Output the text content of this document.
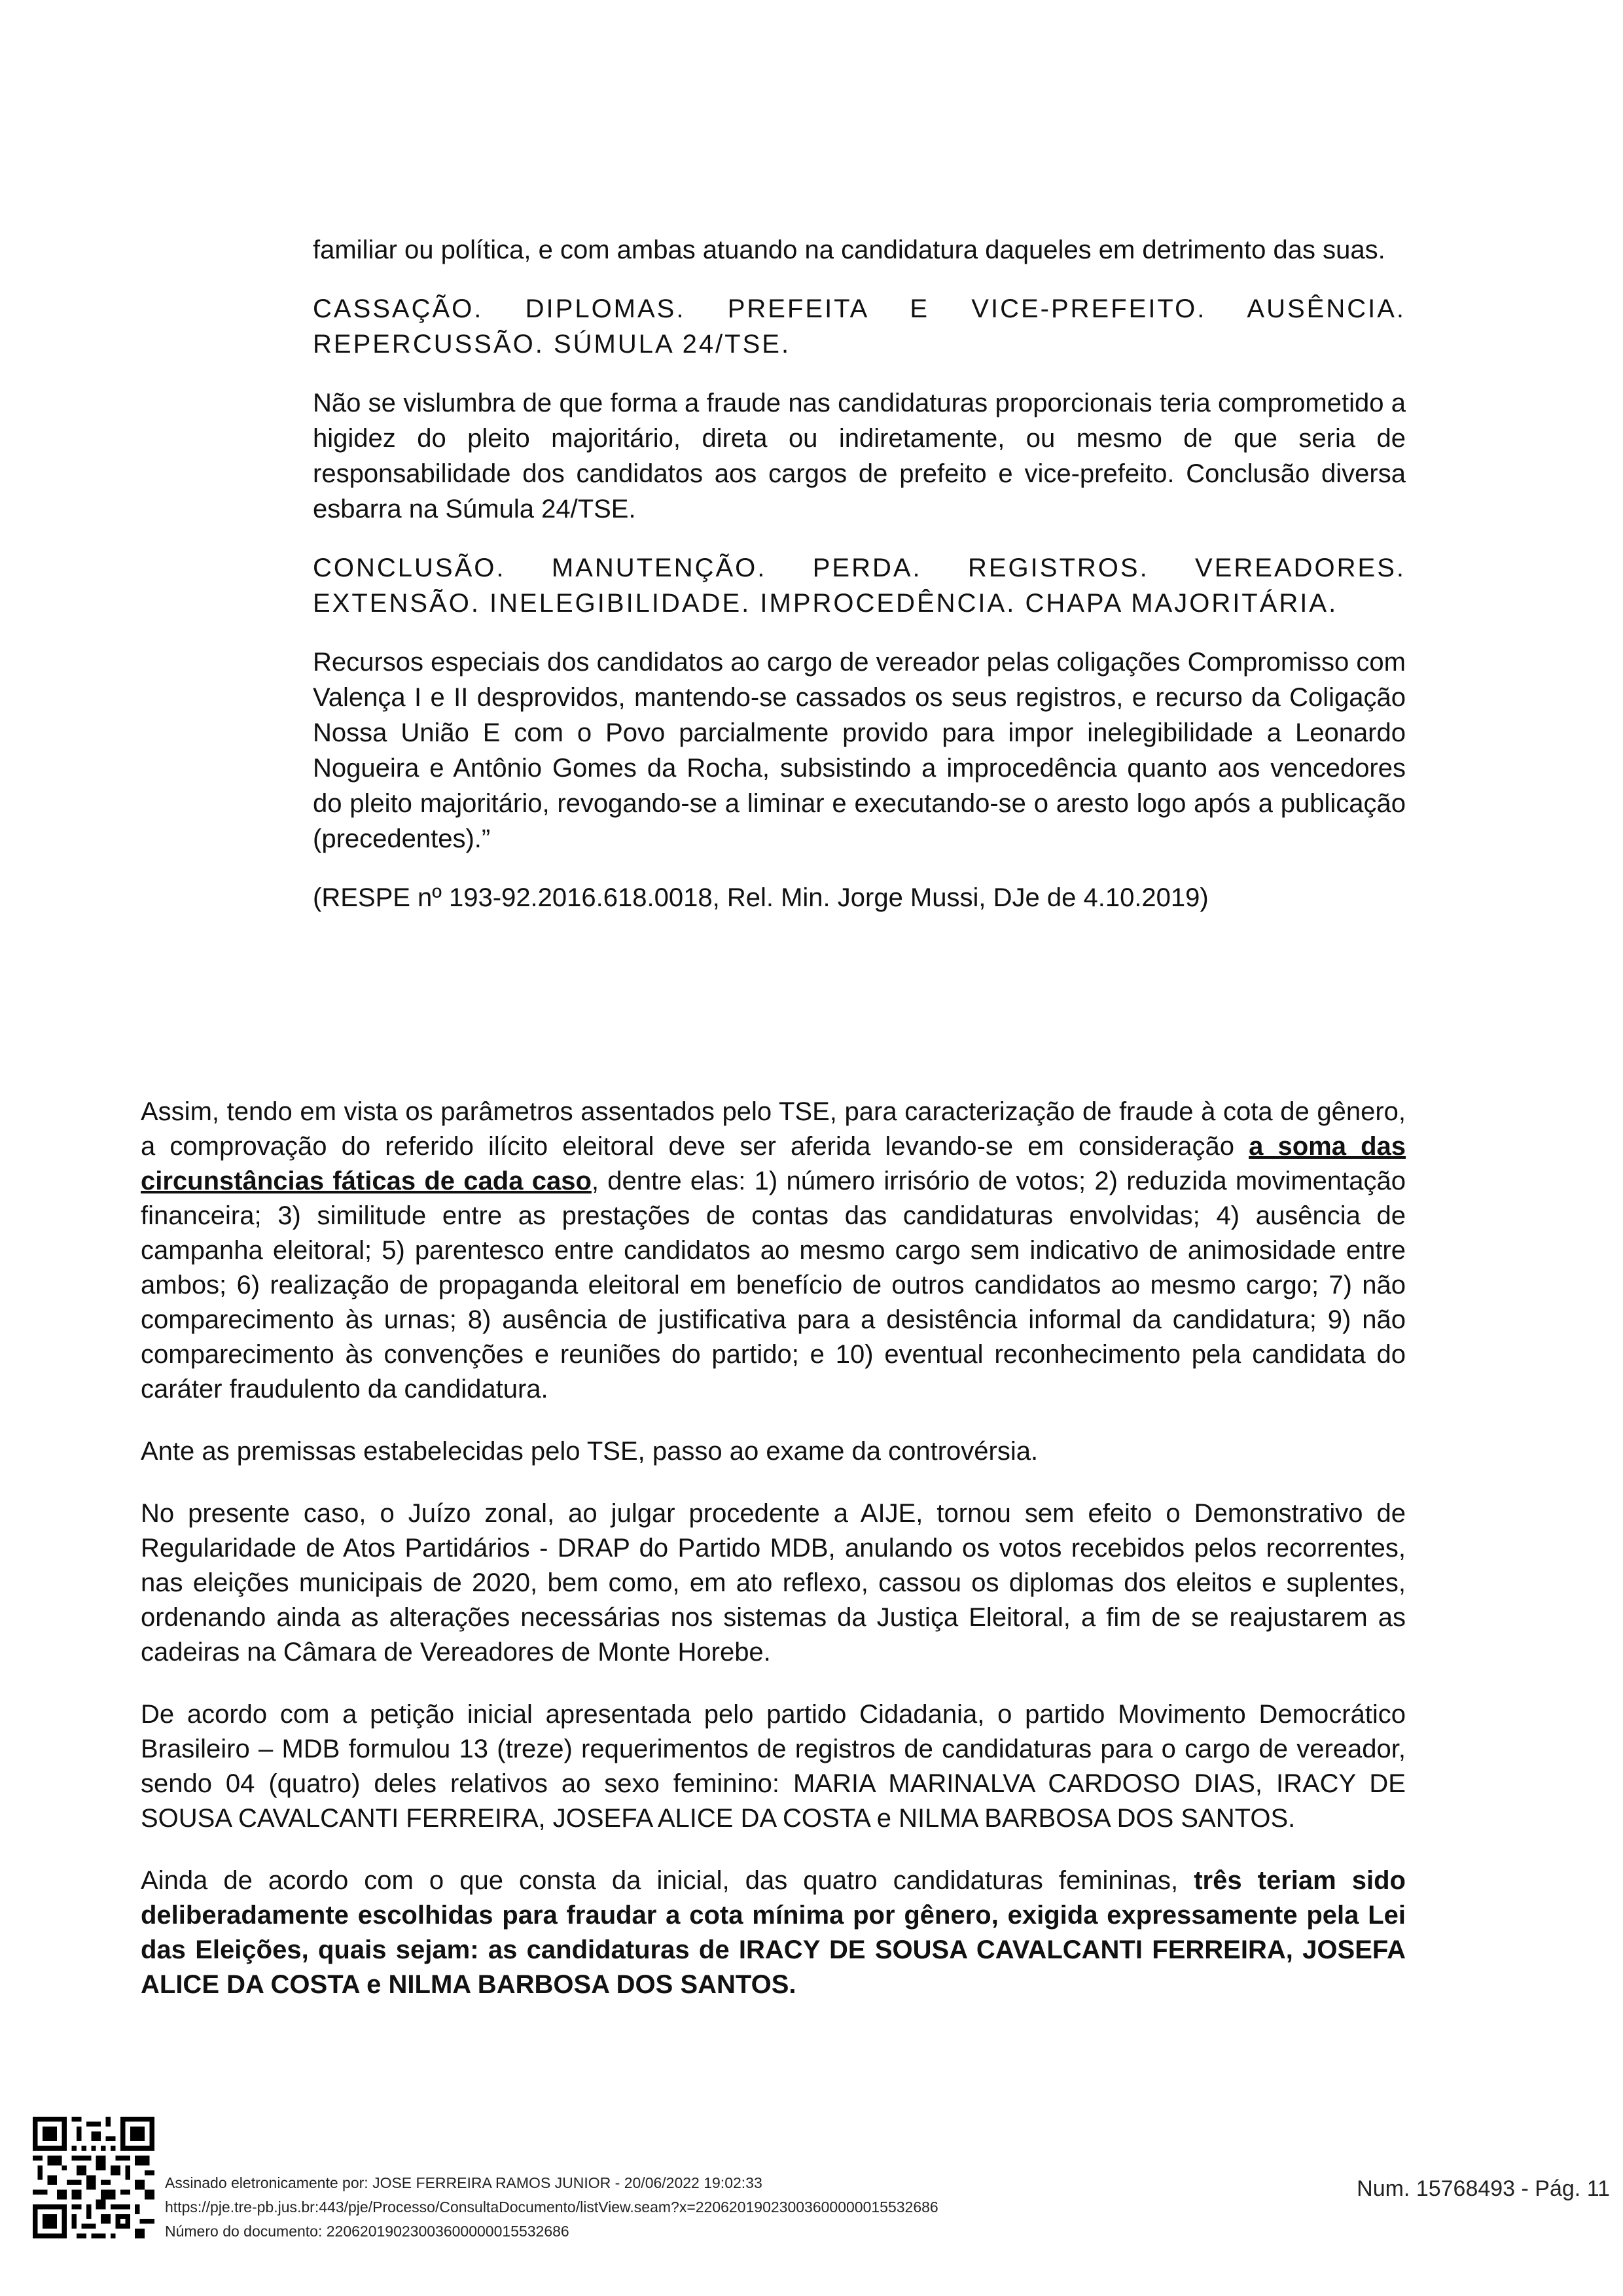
familiar ou política, e com ambas atuando na candidatura daqueles em detrimento das suas.

CASSAÇÃO. DIPLOMAS. PREFEITA E VICE-PREFEITO. AUSÊNCIA. REPERCUSSÃO. SÚMULA 24/TSE.

Não se vislumbra de que forma a fraude nas candidaturas proporcionais teria comprometido a higidez do pleito majoritário, direta ou indiretamente, ou mesmo de que seria de responsabilidade dos candidatos aos cargos de prefeito e vice-prefeito. Conclusão diversa esbarra na Súmula 24/TSE.

CONCLUSÃO. MANUTENÇÃO. PERDA. REGISTROS. VEREADORES. EXTENSÃO. INELEGIBILIDADE. IMPROCEDÊNCIA. CHAPA MAJORITÁRIA.

Recursos especiais dos candidatos ao cargo de vereador pelas coligações Compromisso com Valença I e II desprovidos, mantendo-se cassados os seus registros, e recurso da Coligação Nossa União E com o Povo parcialmente provido para impor inelegibilidade a Leonardo Nogueira e Antônio Gomes da Rocha, subsistindo a improcedência quanto aos vencedores do pleito majoritário, revogando-se a liminar e executando-se o aresto logo após a publicação (precedentes).”

(RESPE nº 193-92.2016.618.0018, Rel. Min. Jorge Mussi, DJe de 4.10.2019)

Assim, tendo em vista os parâmetros assentados pelo TSE, para caracterização de fraude à cota de gênero, a comprovação do referido ilícito eleitoral deve ser aferida levando-se em consideração a soma das circunstâncias fáticas de cada caso, dentre elas: 1) número irrisório de votos; 2) reduzida movimentação financeira; 3) similitude entre as prestações de contas das candidaturas envolvidas; 4) ausência de campanha eleitoral; 5) parentesco entre candidatos ao mesmo cargo sem indicativo de animosidade entre ambos; 6) realização de propaganda eleitoral em benefício de outros candidatos ao mesmo cargo; 7) não comparecimento às urnas; 8) ausência de justificativa para a desistência informal da candidatura; 9) não comparecimento às convenções e reuniões do partido; e 10) eventual reconhecimento pela candidata do caráter fraudulento da candidatura.

Ante as premissas estabelecidas pelo TSE, passo ao exame da controvérsia.

No presente caso, o Juízo zonal, ao julgar procedente a AIJE, tornou sem efeito o Demonstrativo de Regularidade de Atos Partidários - DRAP do Partido MDB, anulando os votos recebidos pelos recorrentes, nas eleições municipais de 2020, bem como, em ato reflexo, cassou os diplomas dos eleitos e suplentes, ordenando ainda as alterações necessárias nos sistemas da Justiça Eleitoral, a fim de se reajustarem as cadeiras na Câmara de Vereadores de Monte Horebe.

De acordo com a petição inicial apresentada pelo partido Cidadania, o partido Movimento Democrático Brasileiro – MDB formulou 13 (treze) requerimentos de registros de candidaturas para o cargo de vereador, sendo 04 (quatro) deles relativos ao sexo feminino: MARIA MARINALVA CARDOSO DIAS, IRACY DE SOUSA CAVALCANTI FERREIRA, JOSEFA ALICE DA COSTA e NILMA BARBOSA DOS SANTOS.

Ainda de acordo com o que consta da inicial, das quatro candidaturas femininas, três teriam sido deliberadamente escolhidas para fraudar a cota mínima por gênero, exigida expressamente pela Lei das Eleições, quais sejam: as candidaturas de IRACY DE SOUSA CAVALCANTI FERREIRA, JOSEFA ALICE DA COSTA e NILMA BARBOSA DOS SANTOS.

Assinado eletronicamente por: JOSE FERREIRA RAMOS JUNIOR - 20/06/2022 19:02:33
https://pje.tre-pb.jus.br:443/pje/Processo/ConsultaDocumento/listView.seam?x=22062019023003600000015532686
Número do documento: 22062019023003600000015532686
Num. 15768493 - Pág. 11
